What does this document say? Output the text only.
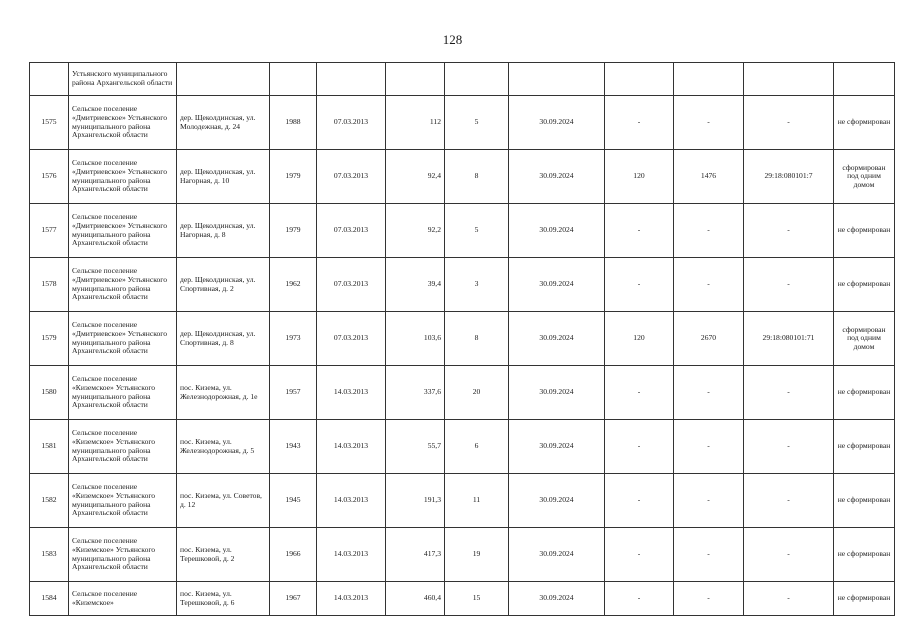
128
	Устьянского муниципального района Архангельской области										
1575	Сельское поселение «Дмитриевское» Устьянского муниципального района Архангельской области	дер. Щеколдинская, ул. Молодежная, д. 24	1988	07.03.2013	112	5	30.09.2024	-	-	-	не сформирован
1576	Сельское поселение «Дмитриевское» Устьянского муниципального района Архангельской области	дер. Щеколдинская, ул. Нагорная, д. 10	1979	07.03.2013	92,4	8	30.09.2024	120	1476	29:18:080101:7	сформирован под одним домом
1577	Сельское поселение «Дмитриевское» Устьянского муниципального района Архангельской области	дер. Щеколдинская, ул. Нагорная, д. 8	1979	07.03.2013	92,2	5	30.09.2024	-	-	-	не сформирован
1578	Сельское поселение «Дмитриевское» Устьянского муниципального района Архангельской области	дер. Щеколдинская, ул. Спортивная, д. 2	1962	07.03.2013	39,4	3	30.09.2024	-	-	-	не сформирован
1579	Сельское поселение «Дмитриевское» Устьянского муниципального района Архангельской области	дер. Щеколдинская, ул. Спортивная, д. 8	1973	07.03.2013	103,6	8	30.09.2024	120	2670	29:18:080101:71	сформирован под одним домом
1580	Сельское поселение «Киземское» Устьянского муниципального района Архангельской области	пос. Кизема, ул. Железнодорожная, д. 1е	1957	14.03.2013	337,6	20	30.09.2024	-	-	-	не сформирован
1581	Сельское поселение «Киземское» Устьянского муниципального района Архангельской области	пос. Кизема, ул. Железнодорожная, д. 5	1943	14.03.2013	55,7	6	30.09.2024	-	-	-	не сформирован
1582	Сельское поселение «Киземское» Устьянского муниципального района Архангельской области	пос. Кизема, ул. Советов, д. 12	1945	14.03.2013	191,3	11	30.09.2024	-	-	-	не сформирован
1583	Сельское поселение «Киземское» Устьянского муниципального района Архангельской области	пос. Кизема, ул. Терешковой, д. 2	1966	14.03.2013	417,3	19	30.09.2024	-	-	-	не сформирован
1584	Сельское поселение «Киземское»	пос. Кизема, ул. Терешковой, д. 6	1967	14.03.2013	460,4	15	30.09.2024	-	-	-	не сформирован
